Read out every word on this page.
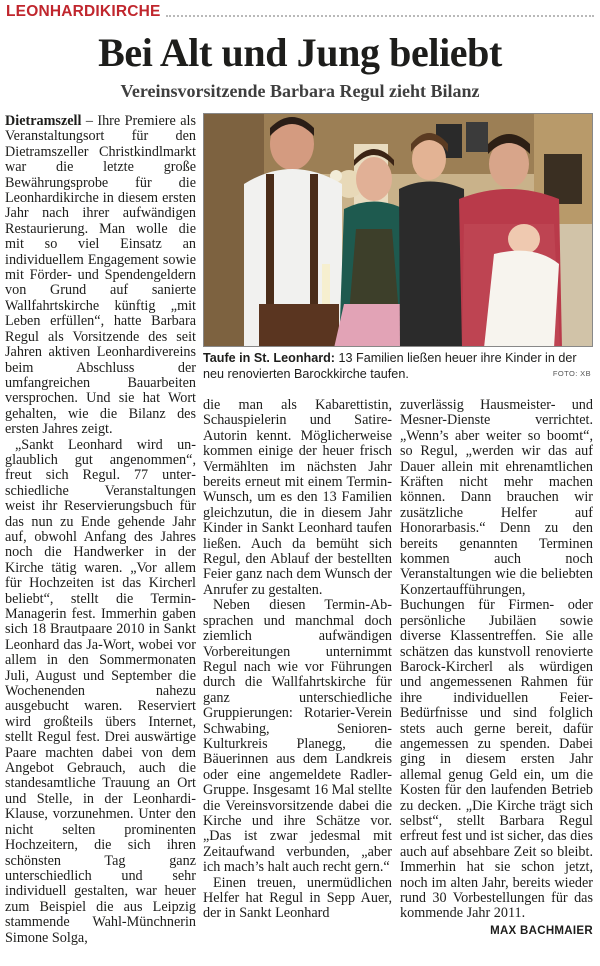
LEONHARDIKIRCHE
Bei Alt und Jung beliebt
Vereinsvorsitzende Barbara Regul zieht Bilanz

Dietramszell – Ihre Premiere als Veranstaltungsort für den Dietramszeller Christkindlmarkt war die letzte große Bewährungsprobe für die Leonhardikirche in diesem ersten Jahr nach ihrer aufwändigen Restaurierung. Man wolle die mit so viel Einsatz an individuellem Engagement sowie mit Förder- und Spendengeldern von Grund auf sanierte Wallfahrtskirche künftig „mit Leben erfüllen“, hatte Barbara Regul als Vorsitzende des seit Jahren aktiven Leonhardivereins beim Abschluss der umfangreichen Bauarbeiten versprochen. Und sie hat Wort gehalten, wie die Bilanz des ersten Jahres zeigt.

„Sankt Leonhard wird unglaublich gut angenommen“, freut sich Regul. 77 unterschiedliche Veranstaltungen weist ihr Reservierungsbuch für das nun zu Ende gehende Jahr auf, obwohl Anfang des Jahres noch die Handwerker in der Kirche tätig waren. „Vor allem für Hochzeiten ist das Kircherl beliebt“, stellt die Termin-Managerin fest. Immerhin gaben sich 18 Brautpaare 2010 in Sankt Leonhard das Ja-Wort, wobei vor allem in den Sommermonaten Juli, August und September die Wochenenden nahezu ausgebucht waren. Reserviert wird großteils übers Internet, stellt Regul fest. Drei auswärtige Paare machten dabei von dem Angebot Gebrauch, auch die standesamtliche Trauung an Ort und Stelle, in der Leonhardi-Klause, vorzunehmen. Unter den nicht selten prominenten Hochzeitern, die sich ihren schönsten Tag ganz unterschiedlich und sehr individuell gestalten, war heuer zum Beispiel die aus Leipzig stammende Wahl-Münchnerin Simone Solga,

Taufe in St. Leonhard: 13 Familien ließen heuer ihre Kinder in der neu renovierten Barockkirche taufen.	FOTO: XB

die man als Kabarettistin, Schauspielerin und Satire-Autorin kennt. Möglicherweise kommen einige der heuer frisch Vermählten im nächsten Jahr bereits erneut mit einem Termin-Wunsch, um es den 13 Familien gleichzutun, die in diesem Jahr Kinder in Sankt Leonhard taufen ließen. Auch da bemüht sich Regul, den Ablauf der bestellten Feier ganz nach dem Wunsch der Anrufer zu gestalten.

Neben diesen Termin-Absprachen und manchmal doch ziemlich aufwändigen Vorbereitungen unternimmt Regul nach wie vor Führungen durch die Wallfahrtskirche für ganz unterschiedliche Gruppierungen: Rotarier-Verein Schwabing, Senioren-Kulturkreis Planegg, die Bäuerinnen aus dem Landkreis oder eine angemeldete Radler-Gruppe. Insgesamt 16 Mal stellte die Vereinsvorsitzende dabei die Kirche und ihre Schätze vor. „Das ist zwar jedesmal mit Zeitaufwand verbunden, „aber ich mach’s halt auch recht gern.“

Einen treuen, unermüdlichen Helfer hat Regul in Sepp Auer, der in Sankt Leonhard

zuverlässig Hausmeister- und Mesner-Dienste verrichtet. „Wenn’s aber weiter so boomt“, so Regul, „werden wir das auf Dauer allein mit ehrenamtlichen Kräften nicht mehr machen können. Dann brauchen wir zusätzliche Helfer auf Honorarbasis.“ Denn zu den bereits genannten Terminen kommen auch noch Veranstaltungen wie die beliebten Konzertaufführungen, Buchungen für Firmen- oder persönliche Jubiläen sowie diverse Klassentreffen. Sie alle schätzen das kunstvoll renovierte Barock-Kircherl als würdigen und angemessenen Rahmen für ihre individuellen Feier-Bedürfnisse und sind folglich stets auch gerne bereit, dafür angemessen zu spenden. Dabei ging in diesem ersten Jahr allemal genug Geld ein, um die Kosten für den laufenden Betrieb zu decken. „Die Kirche trägt sich selbst“, stellt Barbara Regul erfreut fest und ist sicher, das dies auch auf absehbare Zeit so bleibt. Immerhin hat sie schon jetzt, noch im alten Jahr, bereits wieder rund 30 Vorbestellungen für das kommende Jahr 2011.

MAX BACHMAIER
